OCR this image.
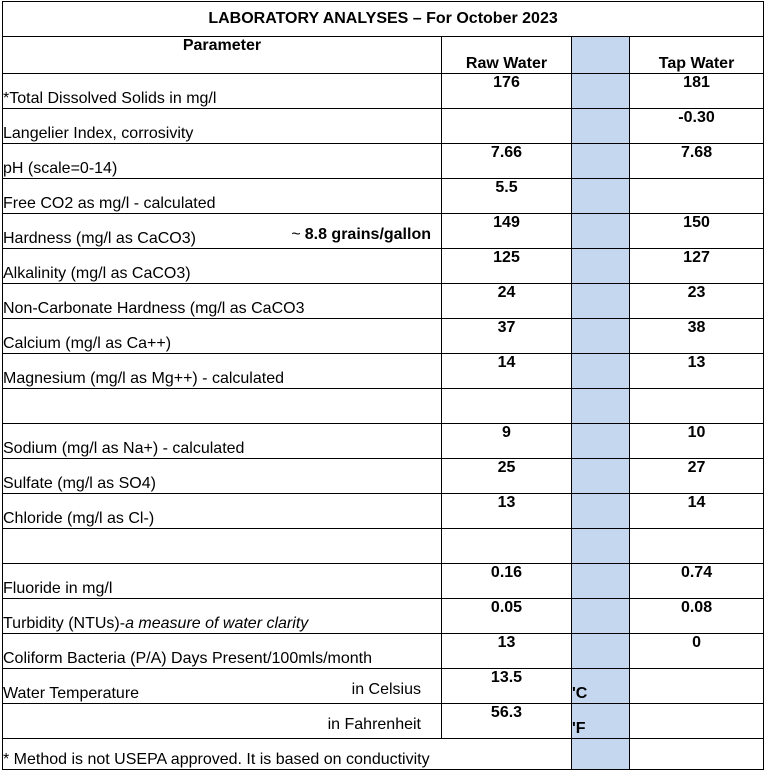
LABORATORY ANALYSES – For October 2023			
Parameter	Raw Water		Tap Water
*Total Dissolved Solids in mg/l	176		181
Langelier Index, corrosivity			-0.30
pH (scale=0-14)	7.66		7.68
Free CO2 as mg/l - calculated	5.5		
Hardness (mg/l as CaCO3) ~ 8.8 grains/gallon	149		150
Alkalinity (mg/l as CaCO3)	125		127
Non-Carbonate Hardness (mg/l as CaCO3	24		23
Calcium (mg/l as Ca++)	37		38
Magnesium (mg/l as Mg++) - calculated	14		13

Sodium (mg/l as Na+) - calculated	9		10
Sulfate (mg/l as SO4)	25		27
Chloride (mg/l as Cl-)	13		14

Fluoride in mg/l	0.16		0.74
Turbidity (NTUs)-a measure of water clarity	0.05		0.08
Coliform Bacteria (P/A) Days Present/100mls/month	13		0
Water Temperature in Celsius	13.5	'C	

in Fahrenheit	56.3	'F	
* Method is not USEPA approved. It is based on conductivity			
